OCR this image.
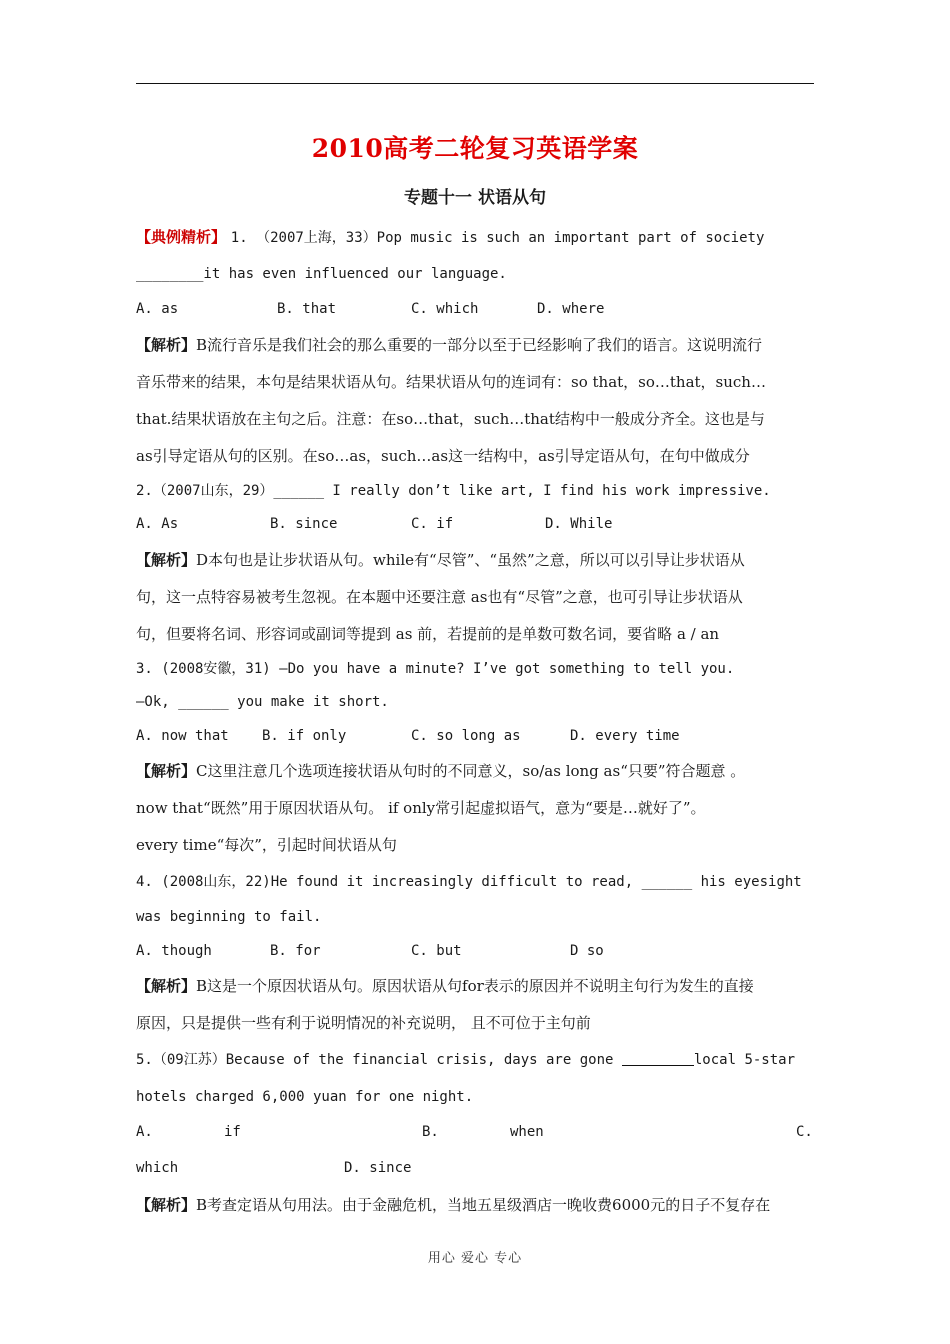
2010高考二轮复习英语学案
专题十一 状语从句
【典例精析】 1. （2007上海，33）Pop music is such an important part of society
________it has even influenced our language.
A. as	B. that	C. which	D. where
【解析】B流行音乐是我们社会的那么重要的一部分以至于已经影响了我们的语言。这说明流行
音乐带来的结果，本句是结果状语从句。结果状语从句的连词有：so that，so…that，such…
that.结果状语放在主句之后。注意：在so…that，such…that结构中一般成分齐全。这也是与
as引导定语从句的区别。在so…as，such…as这一结构中，as引导定语从句，在句中做成分
2.（2007山东，29）______ I really don’t like art, I find his work impressive.
A. As	B. since	C. if	D. While
【解析】D本句也是让步状语从句。while有“尽管”、“虽然”之意，所以可以引导让步状语从
句，这一点特容易被考生忽视。在本题中还要注意 as也有“尽管”之意，也可引导让步状语从
句，但要将名词、形容词或副词等提到 as 前，若提前的是单数可数名词，要省略 a / an
3. (2008安徽，31) —Do you have a minute? I’ve got something to tell you.
—Ok, ______ you make it short.
A. now that	B. if only	C. so long as	D. every time
【解析】C这里注意几个选项连接状语从句时的不同意义，so/as long as“只要”符合题意 。
now that“既然”用于原因状语从句。 if only常引起虚拟语气，意为“要是…就好了”。
every time“每次”，引起时间状语从句
4. (2008山东，22)He found it increasingly difficult to read, ______ his eyesight
was beginning to fail.
A. though	B. for	C. but	D so
【解析】B这是一个原因状语从句。原因状语从句for表示的原因并不说明主句行为发生的直接
原因，只是提供一些有利于说明情况的补充说明， 且不可位于主句前
5.（09江苏）Because of the financial crisis, days are gone	local 5-star
hotels charged 6,000 yuan for one night.
A.	if	B.	when	C.
which	D. since
【解析】B考查定语从句用法。由于金融危机，当地五星级酒店一晚收费6000元的日子不复存在
用心 爱心 专心
